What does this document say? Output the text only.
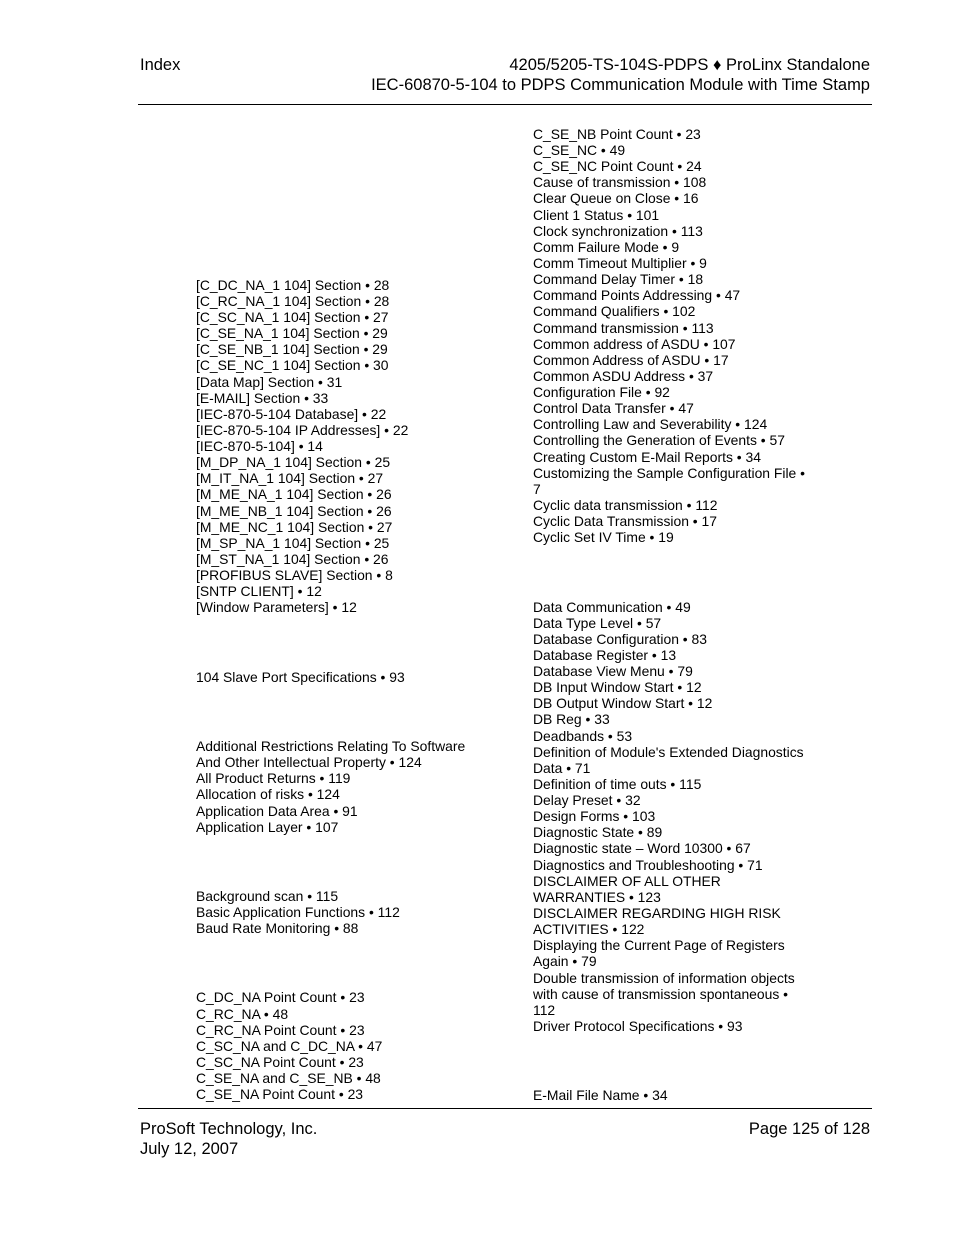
Index	4205/5205-TS-104S-PDPS ♦ ProLinx Standalone
IEC-60870-5-104 to PDPS Communication Module with Time Stamp
[C_DC_NA_1 104] Section • 28
[C_RC_NA_1 104] Section • 28
[C_SC_NA_1 104] Section • 27
[C_SE_NA_1 104] Section • 29
[C_SE_NB_1 104] Section • 29
[C_SE_NC_1 104] Section • 30
[Data Map] Section • 31
[E-MAIL] Section • 33
[IEC-870-5-104 Database] • 22
[IEC-870-5-104 IP Addresses] • 22
[IEC-870-5-104] • 14
[M_DP_NA_1 104] Section • 25
[M_IT_NA_1 104] Section • 27
[M_ME_NA_1 104] Section • 26
[M_ME_NB_1 104] Section • 26
[M_ME_NC_1 104] Section • 27
[M_SP_NA_1 104] Section • 25
[M_ST_NA_1 104] Section • 26
[PROFIBUS SLAVE] Section • 8
[SNTP CLIENT] • 12
[Window Parameters] • 12
104 Slave Port Specifications • 93
Additional Restrictions Relating To Software
And Other Intellectual Property • 124
All Product Returns • 119
Allocation of risks • 124
Application Data Area • 91
Application Layer • 107
Background scan • 115
Basic Application Functions • 112
Baud Rate Monitoring • 88
C_DC_NA Point Count • 23
C_RC_NA • 48
C_RC_NA Point Count • 23
C_SC_NA and C_DC_NA • 47
C_SC_NA Point Count • 23
C_SE_NA and C_SE_NB • 48
C_SE_NA Point Count • 23
C_SE_NB Point Count • 23
C_SE_NC • 49
C_SE_NC Point Count • 24
Cause of transmission • 108
Clear Queue on Close • 16
Client 1 Status • 101
Clock synchronization • 113
Comm Failure Mode • 9
Comm Timeout Multiplier • 9
Command Delay Timer • 18
Command Points Addressing • 47
Command Qualifiers • 102
Command transmission • 113
Common address of ASDU • 107
Common Address of ASDU • 17
Common ASDU Address • 37
Configuration File • 92
Control Data Transfer • 47
Controlling Law and Severability • 124
Controlling the Generation of Events • 57
Creating Custom E-Mail Reports • 34
Customizing the Sample Configuration File •
7
Cyclic data transmission • 112
Cyclic Data Transmission • 17
Cyclic Set IV Time • 19
Data Communication • 49
Data Type Level • 57
Database Configuration • 83
Database Register • 13
Database View Menu • 79
DB Input Window Start • 12
DB Output Window Start • 12
DB Reg • 33
Deadbands • 53
Definition of Module's Extended Diagnostics
Data • 71
Definition of time outs • 115
Delay Preset • 32
Design Forms • 103
Diagnostic State • 89
Diagnostic state – Word 10300 • 67
Diagnostics and Troubleshooting • 71
DISCLAIMER OF ALL OTHER
WARRANTIES • 123
DISCLAIMER REGARDING HIGH RISK
ACTIVITIES • 122
Displaying the Current Page of Registers
Again • 79
Double transmission of information objects
with cause of transmission spontaneous •
112
Driver Protocol Specifications • 93
E-Mail File Name • 34
ProSoft Technology, Inc.
July 12, 2007
Page 125 of 128
